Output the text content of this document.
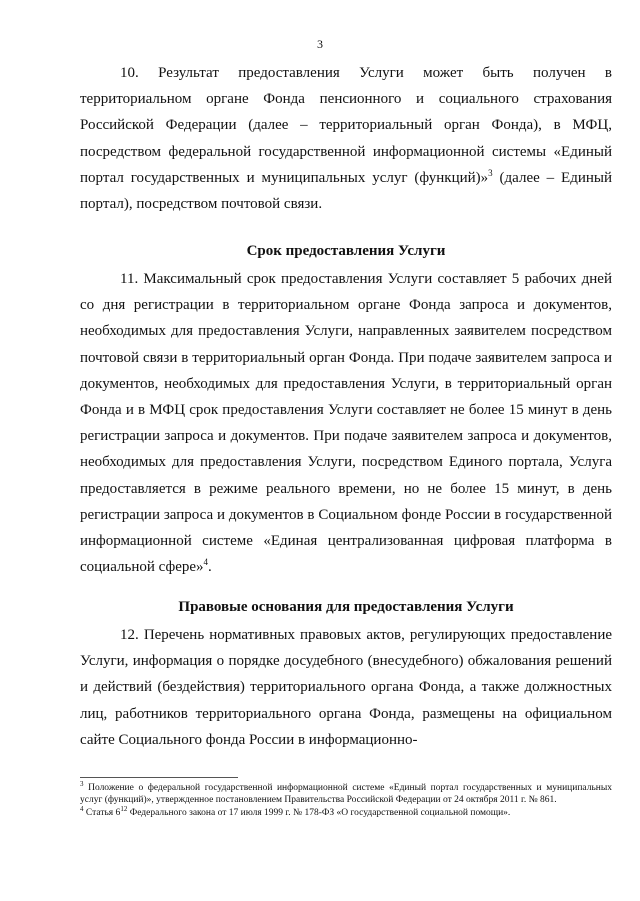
3

10. Результат предоставления Услуги может быть получен в территориальном органе Фонда пенсионного и социального страхования Российской Федерации (далее – территориальный орган Фонда), в МФЦ, посредством федеральной государственной информационной системы «Единый портал государственных и муниципальных услуг (функций)»$^3$ (далее – Единый портал), посредством почтовой связи.

Срок предоставления Услуги

11. Максимальный срок предоставления Услуги составляет 5 рабочих дней со дня регистрации в территориальном органе Фонда запроса и документов, необходимых для предоставления Услуги, направленных заявителем посредством почтовой связи в территориальный орган Фонда. При подаче заявителем запроса и документов, необходимых для предоставления Услуги, в территориальный орган Фонда и в МФЦ срок предоставления Услуги составляет не более 15 минут в день регистрации запроса и документов. При подаче заявителем запроса и документов, необходимых для предоставления Услуги, посредством Единого портала, Услуга предоставляется в режиме реального времени, но не более 15 минут, в день регистрации запроса и документов в Социальном фонде России в государственной информационной системе «Единая централизованная цифровая платформа в социальной сфере»$^4$.

Правовые основания для предоставления Услуги

12. Перечень нормативных правовых актов, регулирующих предоставление Услуги, информация о порядке досудебного (внесудебного) обжалования решений и действий (бездействия) территориального органа Фонда, а также должностных лиц, работников территориального органа Фонда, размещены на официальном сайте Социального фонда России в информационно-

$^3$ Положение о федеральной государственной информационной системе «Единый портал государственных и муниципальных услуг (функций)», утвержденное постановлением Правительства Российской Федерации от 24 октября 2011 г. № 861.

$^4$ Статья 6$^{12}$ Федерального закона от 17 июля 1999 г. № 178-ФЗ «О государственной социальной помощи».
